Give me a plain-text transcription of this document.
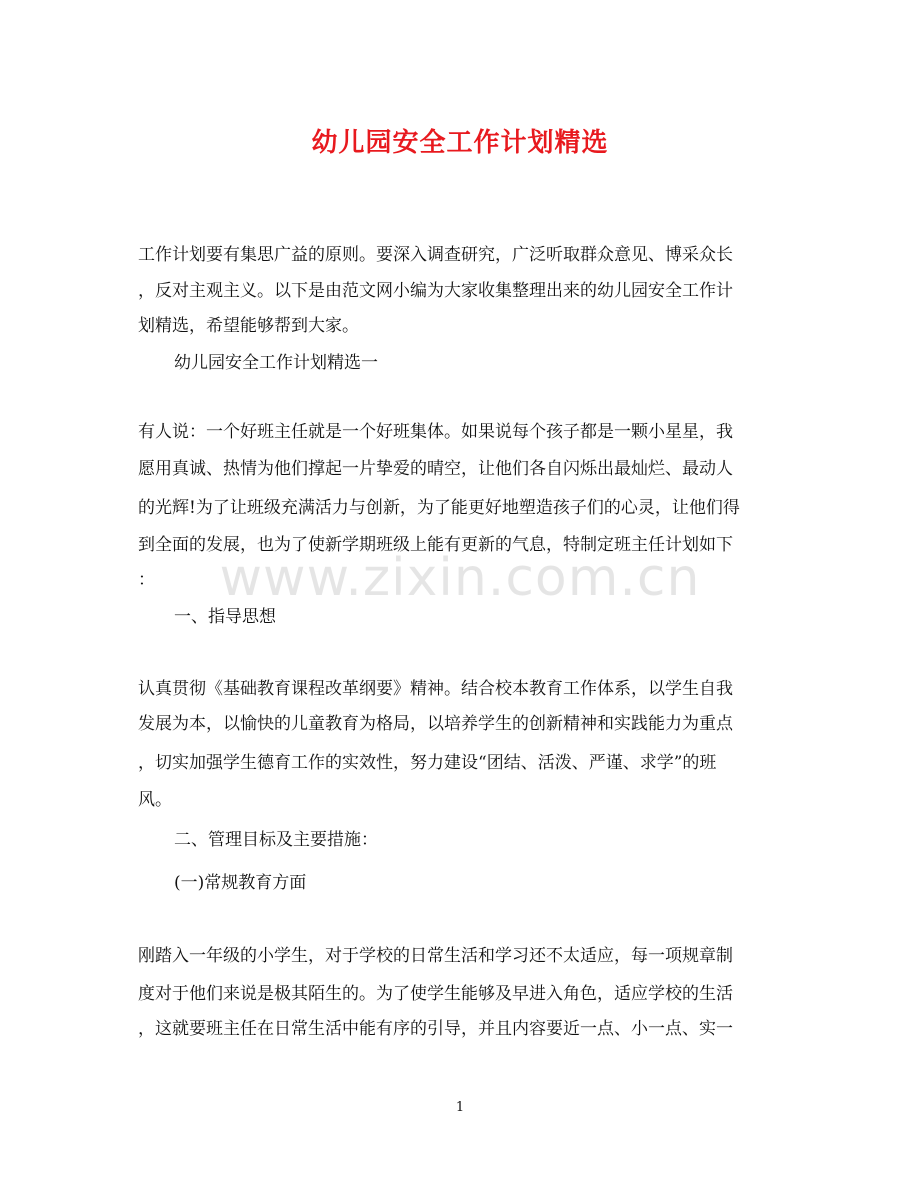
幼儿园安全工作计划精选
www.zixin.com.cn

工作计划要有集思广益的原则。要深入调查研究，广泛听取群众意见、博采众长

，反对主观主义。以下是由范文网小编为大家收集整理出来的幼儿园安全工作计

划精选，希望能够帮到大家。

幼儿园安全工作计划精选一

有人说：一个好班主任就是一个好班集体。如果说每个孩子都是一颗小星星，我

愿用真诚、热情为他们撑起一片挚爱的晴空，让他们各自闪烁出最灿烂、最动人

的光辉!为了让班级充满活力与创新，为了能更好地塑造孩子们的心灵，让他们得

到全面的发展，也为了使新学期班级上能有更新的气息，特制定班主任计划如下

：

一、指导思想

认真贯彻《基础教育课程改革纲要》精神。结合校本教育工作体系，以学生自我

发展为本，以愉快的儿童教育为格局，以培养学生的创新精神和实践能力为重点

，切实加强学生德育工作的实效性，努力建设“团结、活泼、严谨、求学”的班

风。

二、管理目标及主要措施：

(一)常规教育方面

刚踏入一年级的小学生，对于学校的日常生活和学习还不太适应，每一项规章制

度对于他们来说是极其陌生的。为了使学生能够及早进入角色，适应学校的生活

，这就要班主任在日常生活中能有序的引导，并且内容要近一点、小一点、实一

1
